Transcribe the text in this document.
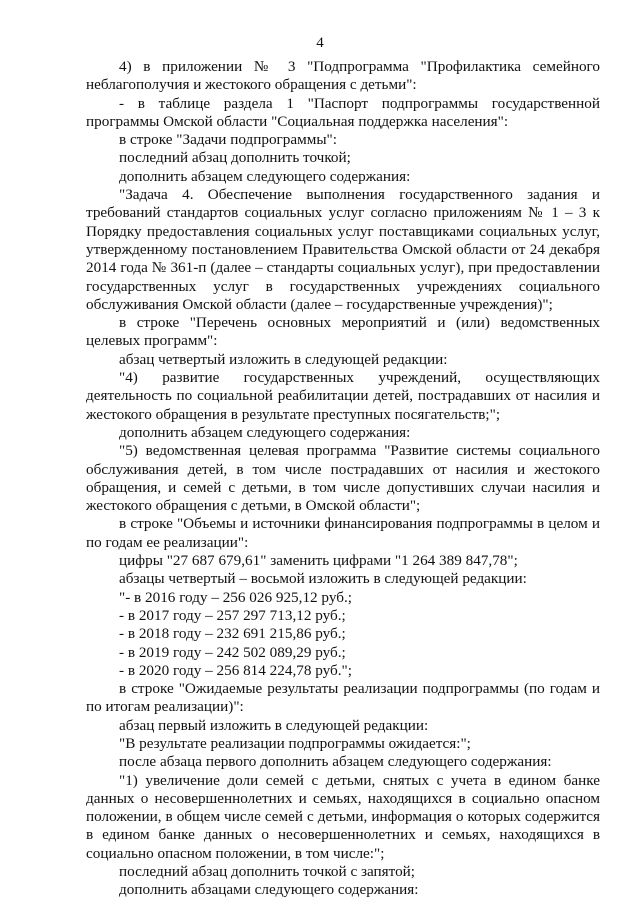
4

4) в приложении № 3 "Подпрограмма "Профилактика семейного неблагополучия и жестокого обращения с детьми":

- в таблице раздела 1 "Паспорт подпрограммы государственной программы Омской области "Социальная поддержка населения":

в строке "Задачи подпрограммы":

последний абзац дополнить точкой;

дополнить абзацем следующего содержания:

"Задача 4. Обеспечение выполнения государственного задания и требований стандартов социальных услуг согласно приложениям № 1 – 3 к Порядку предоставления социальных услуг поставщиками социальных услуг, утвержденному постановлением Правительства Омской области от 24 декабря 2014 года № 361-п (далее – стандарты социальных услуг), при предоставлении государственных услуг в государственных учреждениях социального обслуживания Омской области (далее – государственные учреждения)";

в строке "Перечень основных мероприятий и (или) ведомственных целевых программ":

абзац четвертый изложить в следующей редакции:

"4) развитие государственных учреждений, осуществляющих деятельность по социальной реабилитации детей, пострадавших от насилия и жестокого обращения в результате преступных посягательств;";

дополнить абзацем следующего содержания:

"5) ведомственная целевая программа "Развитие системы социального обслуживания детей, в том числе пострадавших от насилия и жестокого обращения, и семей с детьми, в том числе допустивших случаи насилия и жестокого обращения с детьми, в Омской области";

в строке "Объемы и источники финансирования подпрограммы в целом и по годам ее реализации":

цифры "27 687 679,61" заменить цифрами "1 264 389 847,78";

абзацы четвертый – восьмой изложить в следующей редакции:

"- в 2016 году – 256 026 925,12 руб.;

- в 2017 году – 257 297 713,12 руб.;

- в 2018 году – 232 691 215,86 руб.;

- в 2019 году – 242 502 089,29 руб.;

- в 2020 году – 256 814 224,78 руб.";

в строке "Ожидаемые результаты реализации подпрограммы (по годам и по итогам реализации)":

абзац первый изложить в следующей редакции:

"В результате реализации подпрограммы ожидается:";

после абзаца первого дополнить абзацем следующего содержания:

"1) увеличение доли семей с детьми, снятых с учета в едином банке данных о несовершеннолетних и семьях, находящихся в социально опасном положении, в общем числе семей с детьми, информация о которых содержится в едином банке данных о несовершеннолетних и семьях, находящихся в социально опасном положении, в том числе:";

последний абзац дополнить точкой с запятой;

дополнить абзацами следующего содержания:
